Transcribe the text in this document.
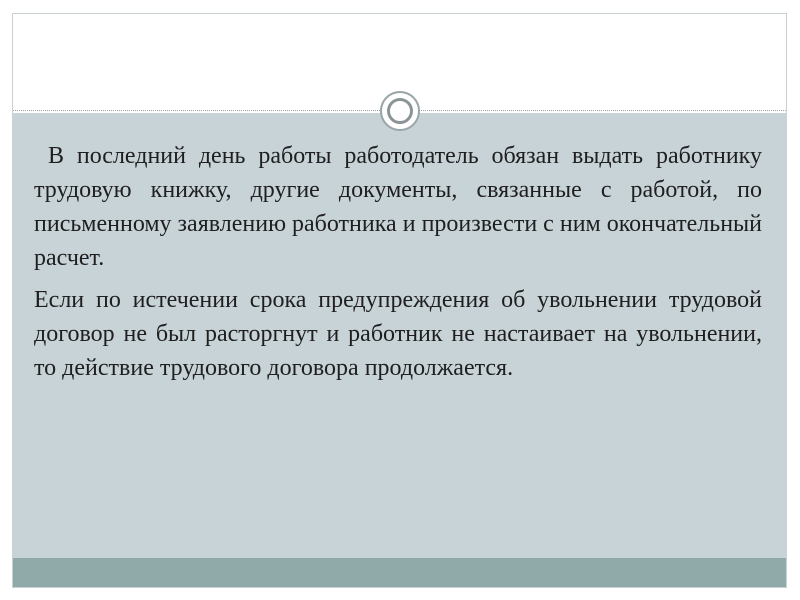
В последний день работы работодатель обязан выдать работнику трудовую книжку, другие документы, связанные с работой, по письменному заявлению работника и произвести с ним окончательный расчет.

Если по истечении срока предупреждения об увольнении трудовой договор не был расторгнут и работник не настаивает на увольнении, то действие трудового договора продолжается.
